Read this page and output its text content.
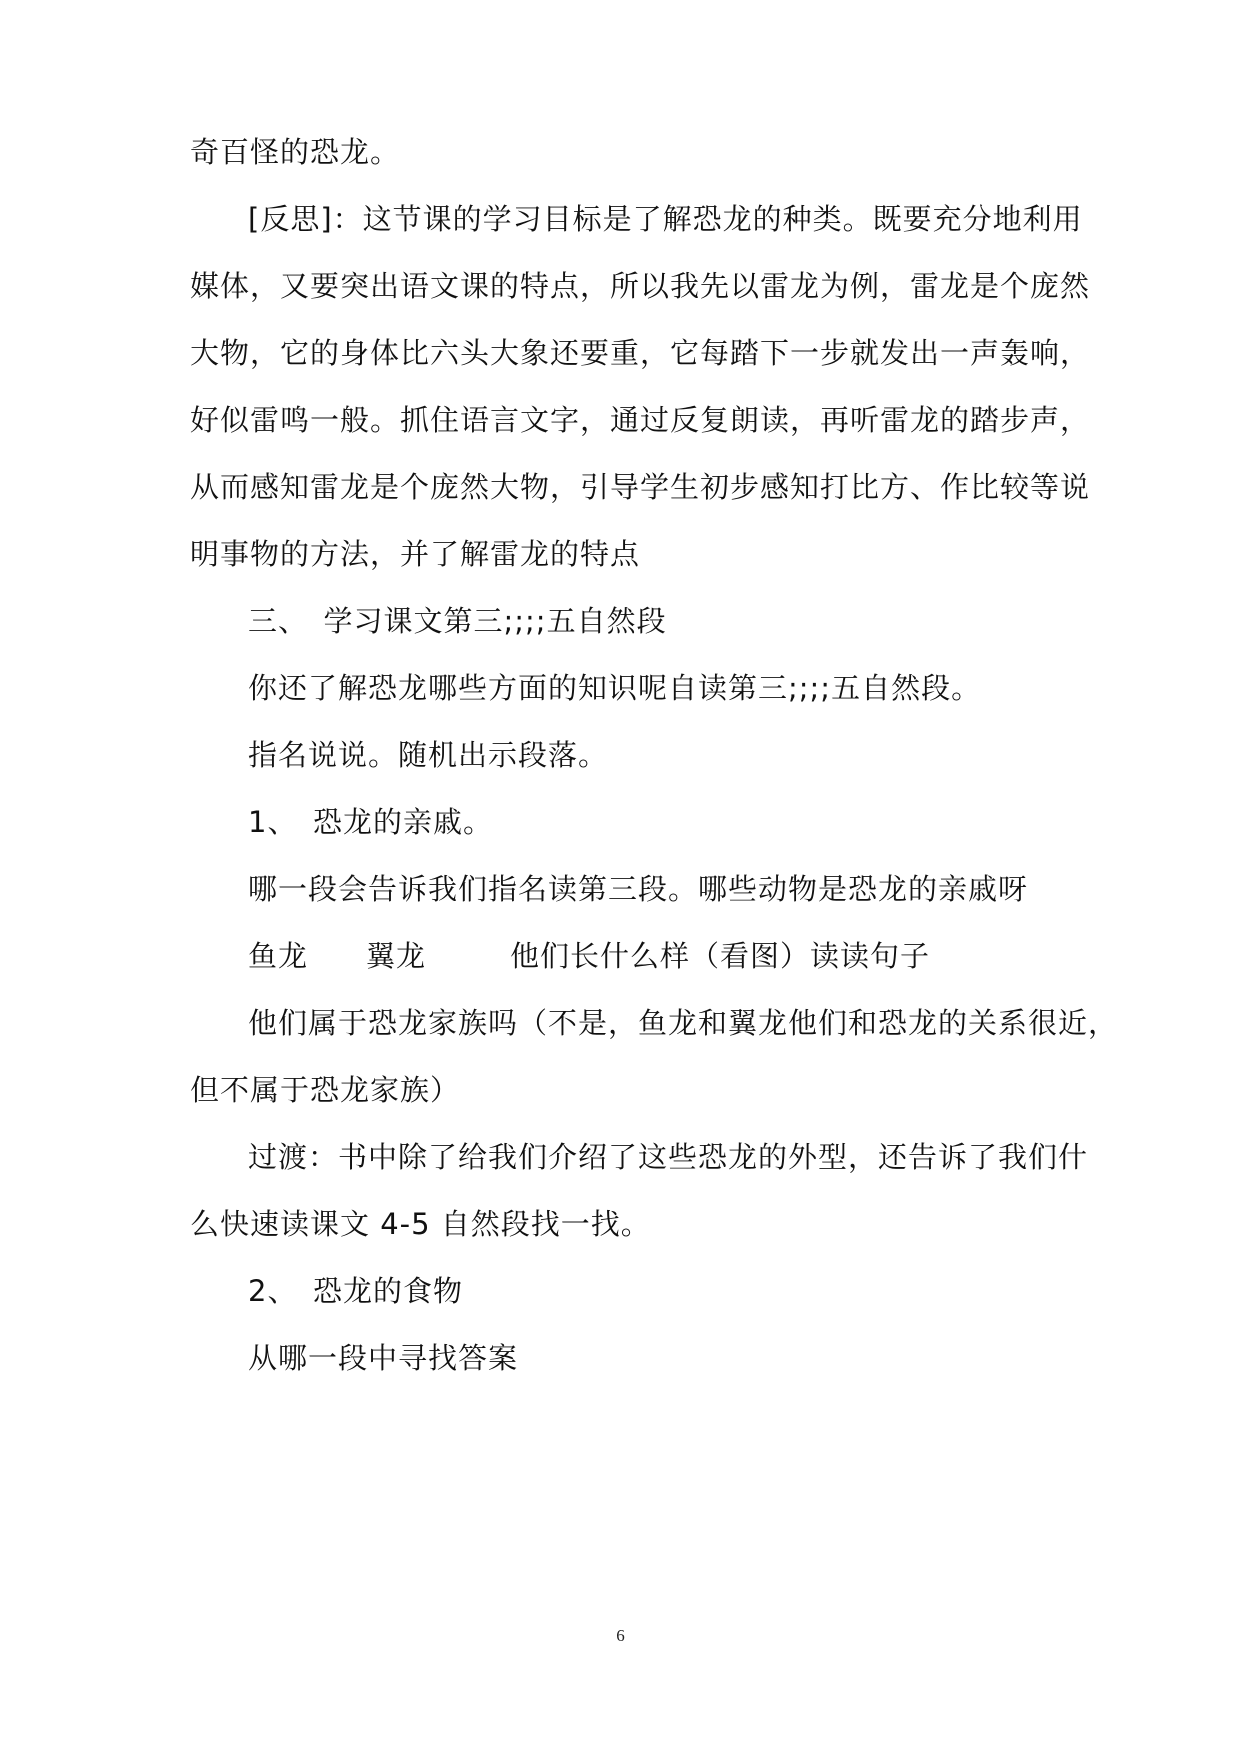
奇百怪的恐龙。
[反思]：这节课的学习目标是了解恐龙的种类。既要充分地利用
媒体，又要突出语文课的特点，所以我先以雷龙为例，雷龙是个庞然
大物，它的身体比六头大象还要重，它每踏下一步就发出一声轰响，
好似雷鸣一般。抓住语言文字，通过反复朗读，再听雷龙的踏步声，
从而感知雷龙是个庞然大物，引导学生初步感知打比方、作比较等说
明事物的方法，并了解雷龙的特点
三、　学习课文第三;;;;五自然段
你还了解恐龙哪些方面的知识呢自读第三;;;;五自然段。
指名说说。随机出示段落。
1、　恐龙的亲戚。
哪一段会告诉我们指名读第三段。哪些动物是恐龙的亲戚呀
鱼龙 翼龙	他们长什么样（看图）读读句子
他们属于恐龙家族吗（不是，鱼龙和翼龙他们和恐龙的关系很近，
但不属于恐龙家族）
过渡：书中除了给我们介绍了这些恐龙的外型，还告诉了我们什
么快速读课文 4-5 自然段找一找。
2、　恐龙的食物
从哪一段中寻找答案
6
